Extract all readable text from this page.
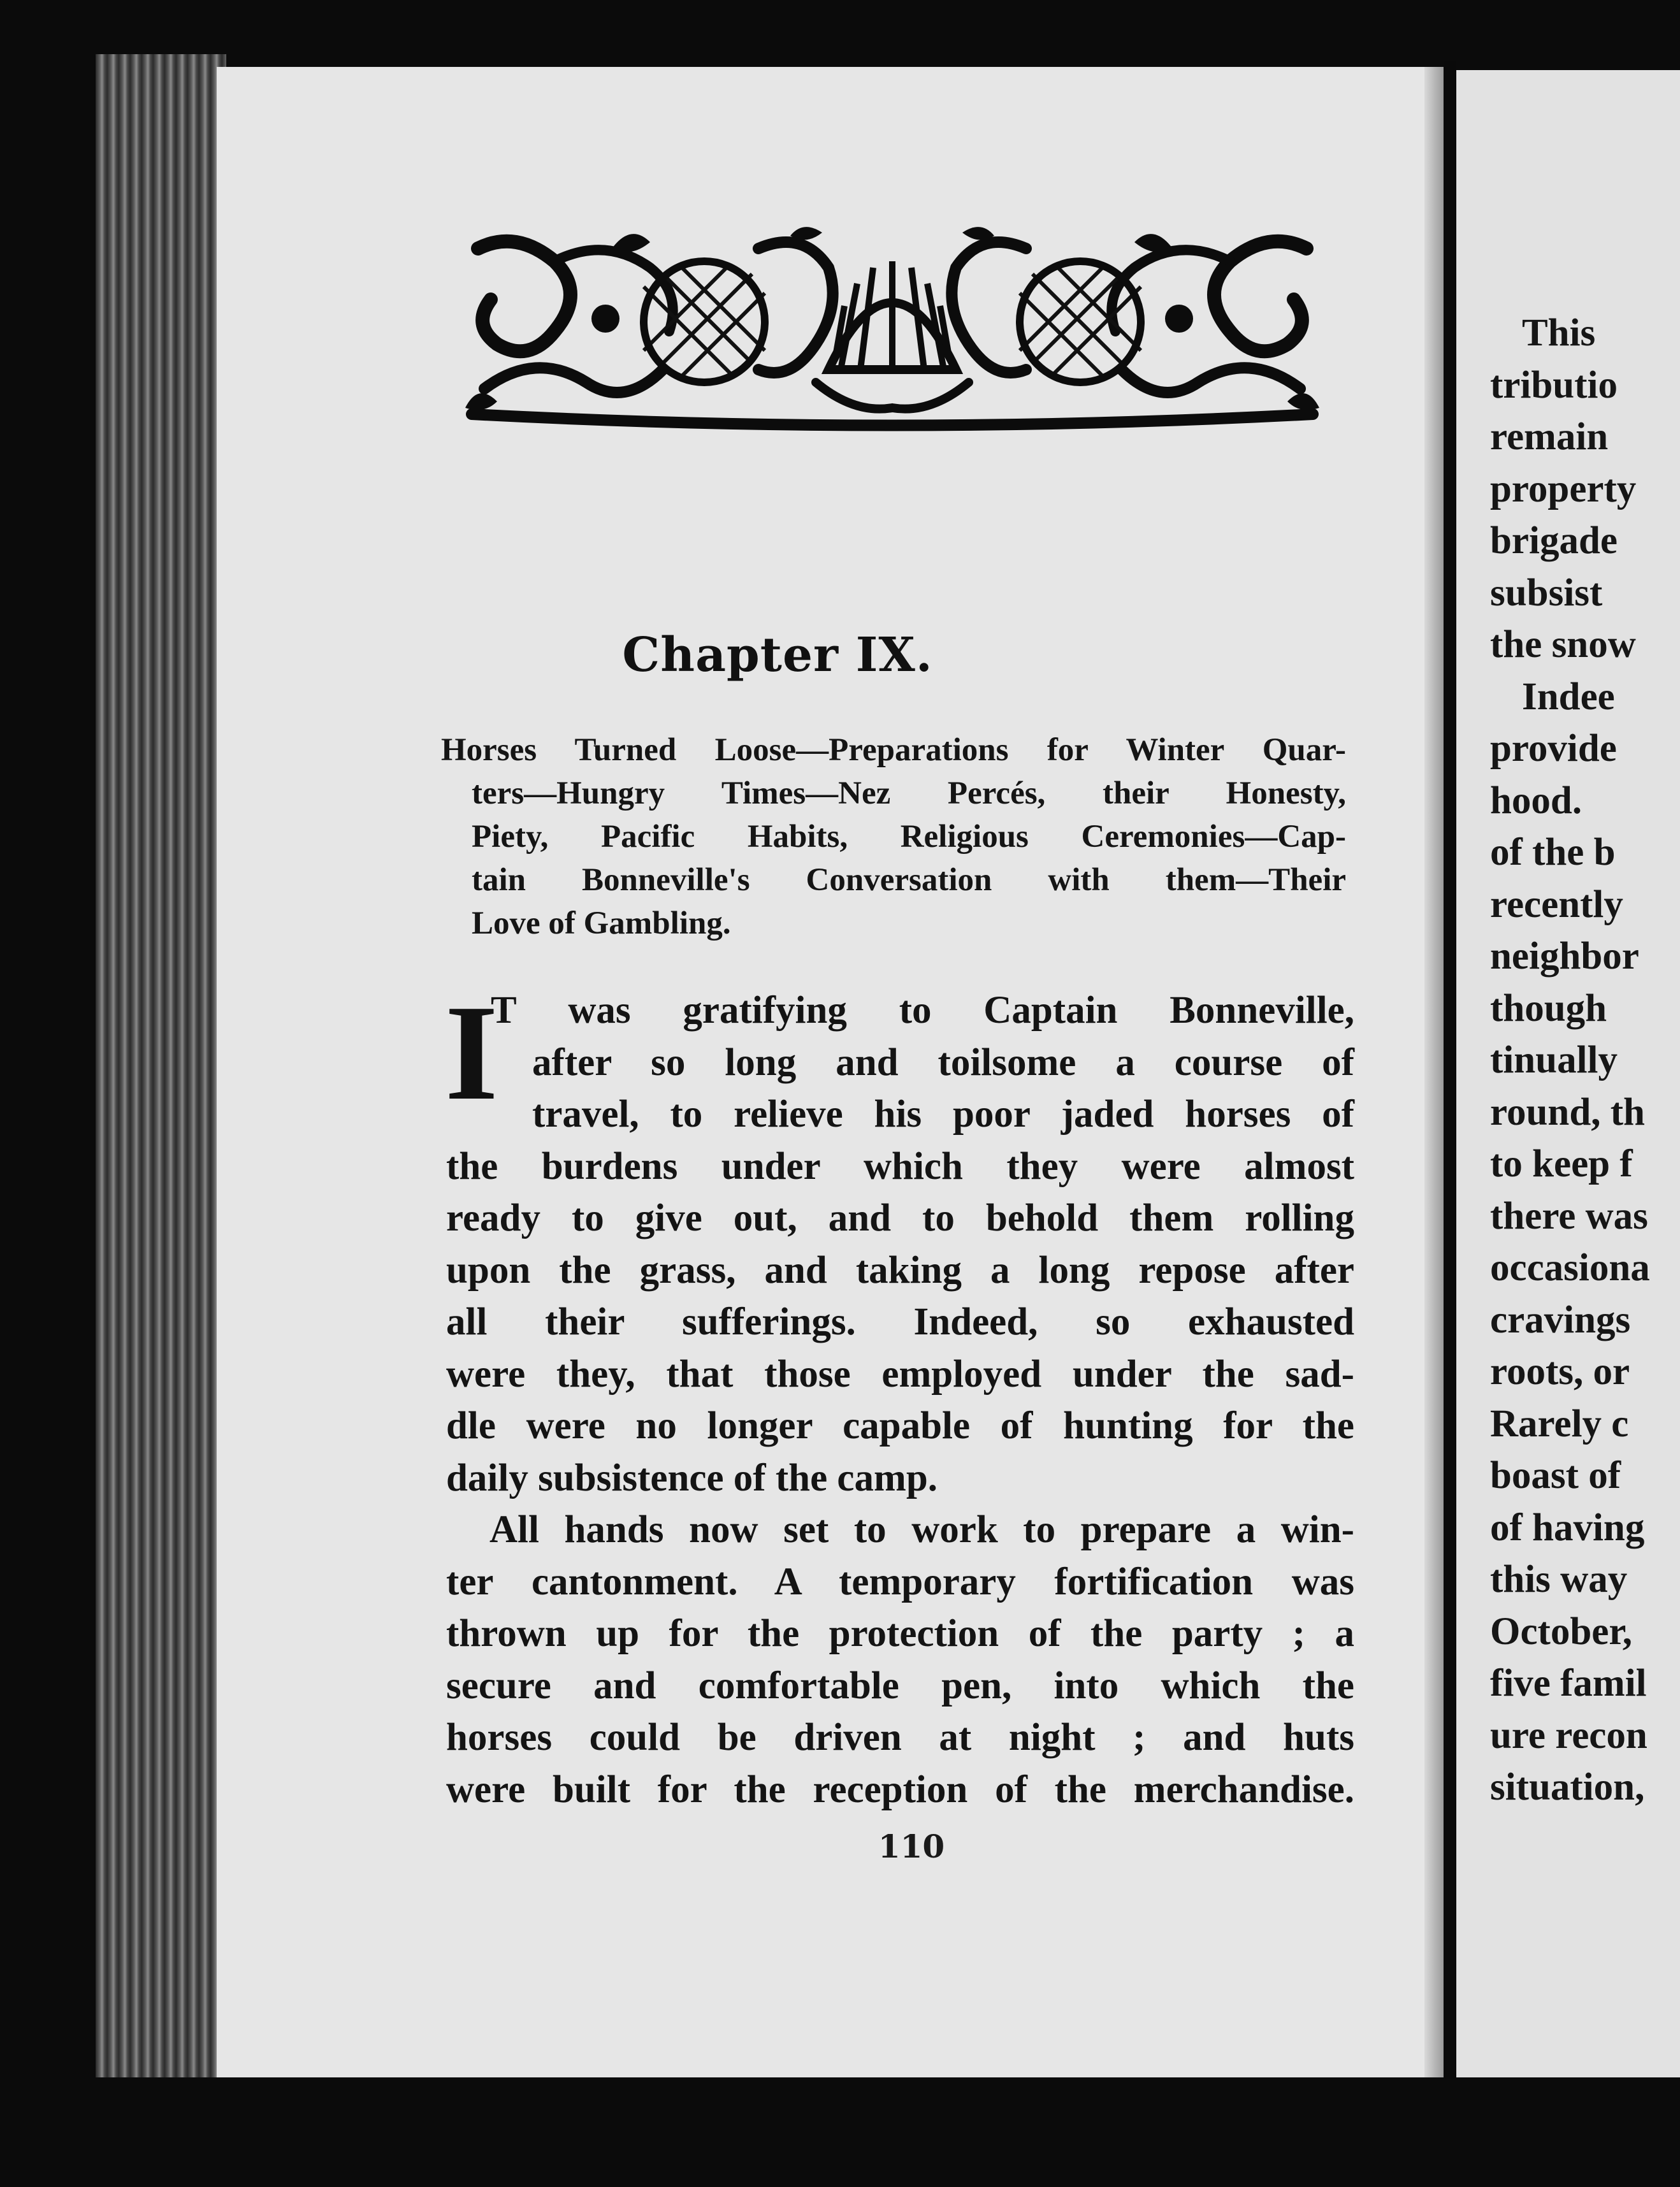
Chapter IX.
Horses Turned Loose—Preparations for Winter Quar-
ters—Hungry Times—Nez Percés, their Honesty,
Piety, Pacific Habits, Religious Ceremonies—Cap-
tain Bonneville's Conversation with them—Their
Love of Gambling.
I
T was gratifying to Captain Bonneville,
after so long and toilsome a course of
travel, to relieve his poor jaded horses of
the burdens under which they were almost
ready to give out, and to behold them rolling
upon the grass, and taking a long repose after
all their sufferings. Indeed, so exhausted
were they, that those employed under the sad-
dle were no longer capable of hunting for the
daily subsistence of the camp.
All hands now set to work to prepare a win-
ter cantonment. A temporary fortification was
thrown up for the protection of the party ; a
secure and comfortable pen, into which the
horses could be driven at night ; and huts
were built for the reception of the merchandise.
110
This
tributio
remain
property
brigade
subsist
the snow
Indee
provide
hood.
of the b
recently
neighbor
though
tinually
round, th
to keep f
there was
occasiona
cravings
roots, or
Rarely c
boast of
of having
this way
October,
five famil
ure recon
situation,
